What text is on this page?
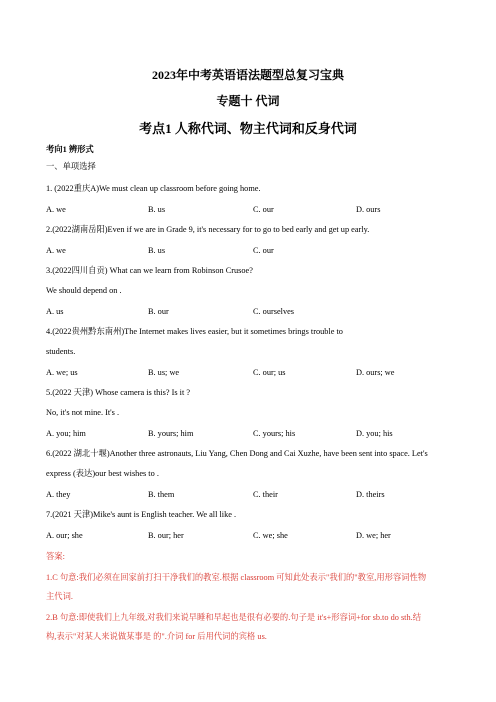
2023年中考英语语法题型总复习宝典
专题十 代词
考点1 人称代词、物主代词和反身代词
考向1 辨形式
一、单项选择
1. (2022重庆A)We must clean up classroom before going home.
A. we	B. us	C. our	D. ours
2.(2022湖南岳阳)Even if we are in Grade 9, it's necessary for to go to bed early and get up early.
A. we	B. us	C. our
3.(2022四川自贡) What can we learn from Robinson Crusoe?
We should depend on .
A. us	B. our	C. ourselves
4.(2022贵州黔东南州)The Internet makes lives easier, but it sometimes brings trouble to
students.
A. we; us	B. us; we	C. our; us	D. ours; we
5.(2022 天津) Whose camera is this? Is it ?
No, it's not mine. It's .
A. you; him	B. yours; him	C. yours; his	D. you; his
6.(2022 湖北十堰)Another three astronauts, Liu Yang, Chen Dong and Cai Xuzhe, have been sent into space. Let's
express (表达)our best wishes to .
A. they	B. them	C. their	D. theirs
7.(2021 天津)Mike's aunt is English teacher. We all like .
A. our; she	B. our; her	C. we; she	D. we; her
答案:
1.C 句意:我们必须在回家前打扫干净我们的教室.根据 classroom 可知此处表示"我们的"教室,用形容词性物
主代词.
2.B 句意:即使我们上九年级,对我们来说早睡和早起也是很有必要的.句子是 it's+形容词+for sb.to do sth.结
构,表示"对某人来说做某事是 的".介词 for 后用代词的宾格 us.
